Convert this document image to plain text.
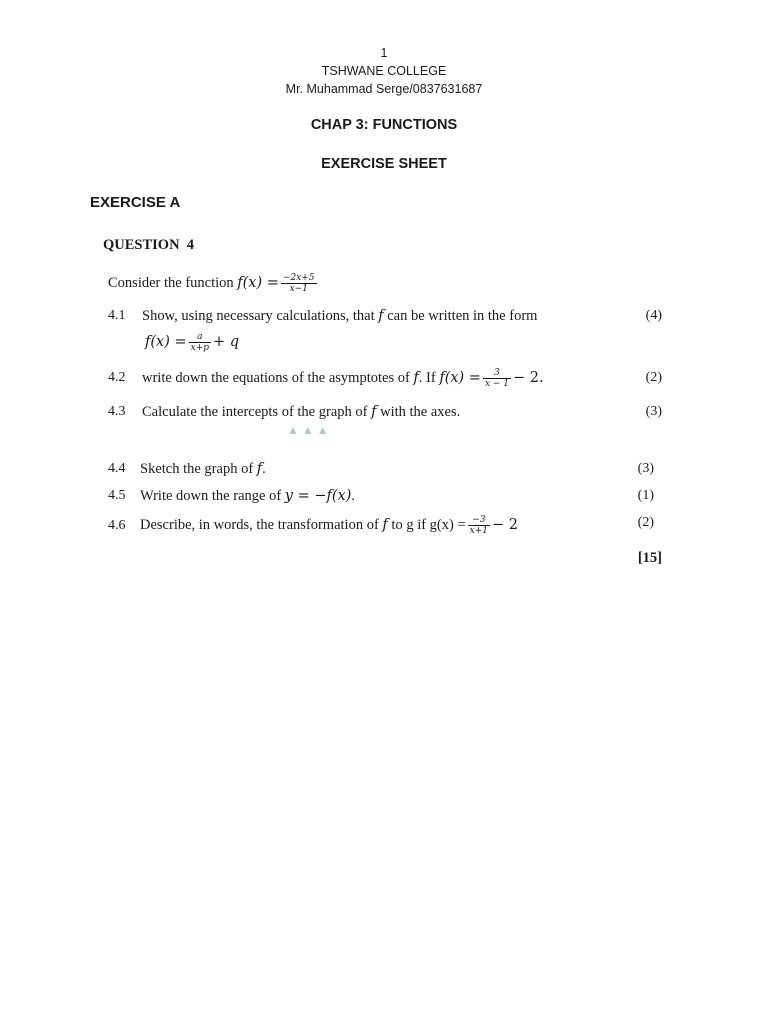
1
TSHWANE COLLEGE
Mr. Muhammad Serge/0837631687
CHAP 3: FUNCTIONS
EXERCISE SHEET
EXERCISE A
QUESTION  4
Consider the function $f(x) = \frac{-2x+5}{x-1}$
4.1 Show, using necessary calculations, that f can be written in the form	(4)
$f(x) = \frac{a}{x+p} + q$
4.2 write down the equations of the asymptotes of f. If $f(x) = \frac{3}{x - 1} - 2$.	(2)
4.3 Calculate the intercepts of the graph of f with the axes.	(3)
▲▲▲
4.4 Sketch the graph of f.	(3)
4.5 Write down the range of y = −f(x).	(1)
4.6 Describe, in words, the transformation of f to g if $g(x) = \frac{-3}{x+1} - 2$	(2)
[15]
